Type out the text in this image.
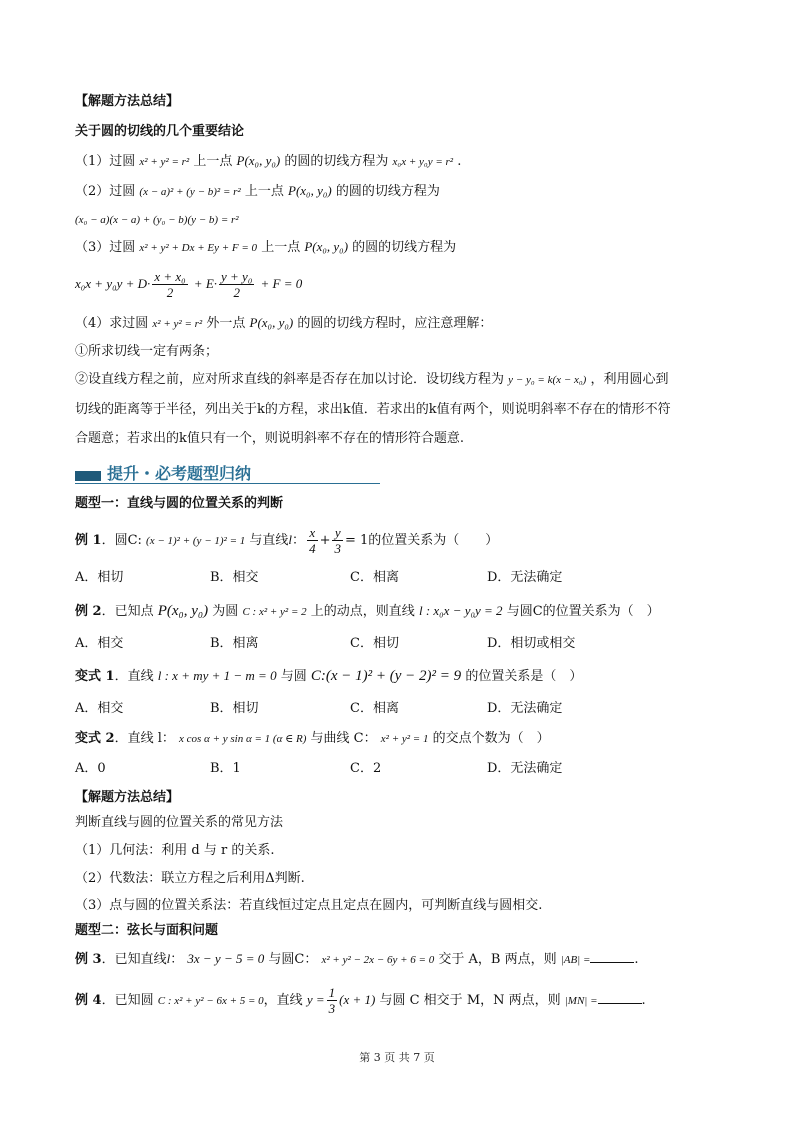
【解题方法总结】
关于圆的切线的几个重要结论
（1）过圆 x² + y² = r² 上一点 P(x₀, y₀) 的圆的切线方程为 x₀x + y₀y = r² .
（2）过圆 (x − a)² + (y − b)² = r² 上一点 P(x₀, y₀) 的圆的切线方程为
(x₀ − a)(x − a) + (y₀ − b)(y − b) = r²
（3）过圆 x² + y² + Dx + Ey + F = 0 上一点 P(x₀, y₀) 的圆的切线方程为
$x_0x + y_0y + D\cdot \frac{\text{x + x₀}}{2} + E\cdot \frac{\text{y + y₀}}{2} + F = 0$
（4）求过圆 x² + y² = r² 外一点 P(x₀, y₀) 的圆的切线方程时，应注意理解：
①所求切线一定有两条；
②设直线方程之前，应对所求直线的斜率是否存在加以讨论．设切线方程为 y − y₀ = k(x − x₀) ，利用圆心到
切线的距离等于半径，列出关于k的方程，求出k值．若求出的k值有两个，则说明斜率不存在的情形不符
合题意；若求出的k值只有一个，则说明斜率不存在的情形符合题意.
提升・必考题型归纳
题型一：直线与圆的位置关系的判断
例 1．圆C: (x − 1)² + (y − 1)² = 1 与直线l： $\frac{x}{4} + \frac{y}{3} = 1$的位置关系为（　　）
A．相切	B．相交	C．相离	D．无法确定
例 2．已知点 P(x₀, y₀) 为圆 C : x² + y² = 2 上的动点，则直线 l : x₀x − y₀y = 2 与圆C的位置关系为（　）
A．相交	B．相离	C．相切	D．相切或相交
变式 1．直线 l : x + my + 1 − m = 0 与圆 C:(x − 1)² + (y − 2)² = 9 的位置关系是（　）
A．相交	B．相切	C．相离	D．无法确定
变式 2．直线 l： x cos α + y sin α = 1 (α ∈ R) 与曲线 C： x² + y² = 1 的交点个数为（　）
A．0	B．1	C．2	D．无法确定
【解题方法总结】
判断直线与圆的位置关系的常见方法
（1）几何法：利用 d 与 r 的关系.
（2）代数法：联立方程之后利用Δ判断.
（3）点与圆的位置关系法：若直线恒过定点且定点在圆内，可判断直线与圆相交.
题型二：弦长与面积问题
例 3．已知直线l： 3x − y − 5 = 0 与圆C： x² + y² − 2x − 6y + 6 = 0 交于 A，B 两点，则 |AB| =	.
例 4．已知圆 C : x² + y² − 6x + 5 = 0，直线 $y = \frac{1}{3} (x + 1)$ 与圆 C 相交于 M，N 两点，则 |MN| =	.
第 3 页 共 7 页
